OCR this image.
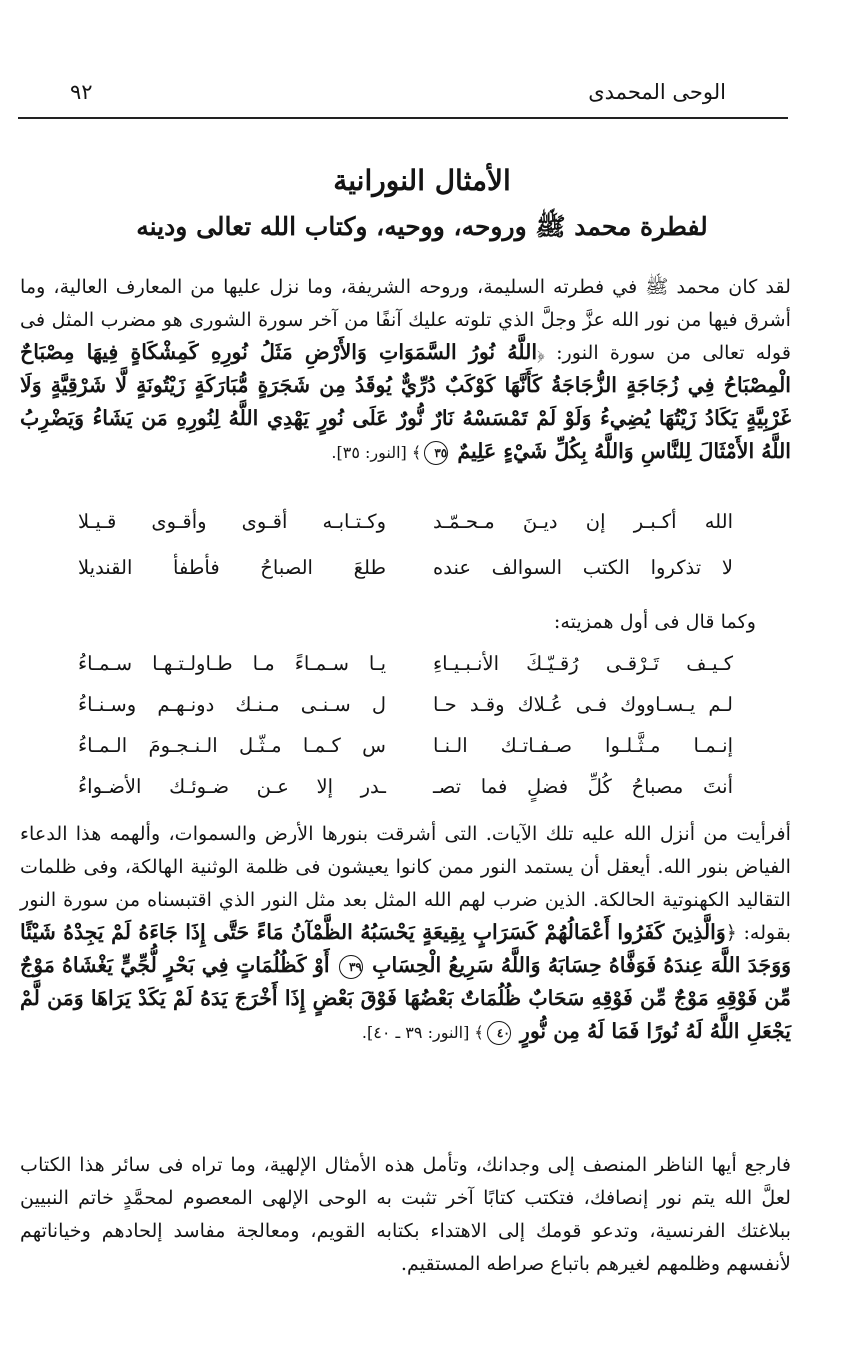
الوحى المحمدى
٩٢
الأمثال النورانية
لفطرة محمد ﷺ وروحه، ووحيه، وكتاب الله تعالى ودينه
لقد كان محمد ﷺ في فطرته السليمة، وروحه الشريفة، وما نزل عليها من المعارف العالية، وما أشرق فيها من نور الله عزَّ وجلَّ الذي تلوته عليك آنفًا من آخر سورة الشورى هو مضرب المثل فى قوله تعالى من سورة النور: ﴿اللَّهُ نُورُ السَّمَوَاتِ وَالأَرْضِ مَثَلُ نُورِهِ كَمِشْكَاةٍ فِيهَا مِصْبَاحٌ الْمِصْبَاحُ فِي زُجَاجَةٍ الزُّجَاجَةُ كَأَنَّهَا كَوْكَبٌ دُرِّيٌّ يُوقَدُ مِن شَجَرَةٍ مُّبَارَكَةٍ زَيْتُونَةٍ لَّا شَرْقِيَّةٍ وَلَا غَرْبِيَّةٍ يَكَادُ زَيْتُهَا يُضِيءُ وَلَوْ لَمْ تَمْسَسْهُ نَارٌ نُّورٌ عَلَى نُورٍ يَهْدِي اللَّهُ لِنُورِهِ مَن يَشَاءُ وَيَضْرِبُ اللَّهُ الأَمْثَالَ لِلنَّاسِ وَاللَّهُ بِكُلِّ شَيْءٍ عَلِيمٌ ٣٥﴾ [النور: ٣٥].
الله أكـبـر إن ديـنَ مـحـمّـد
وكـتـابـه أقـوى وأقـوى قـيـلا
لا تذكروا الكتب السوالف عنده
طلعَ الصباحُ فأطفأ القنديلا
وكما قال فى أول همزيته:
كـيـف تَـرْقـى رُقـيّـكَ الأنـبـيـاءِ
يـا سـمـاءً مـا طـاولـتـهـا سـمـاءُ
لـم يـسـاووك فـى عُـلاك وقـد حـا
ل سـنـى مـنـك دونـهـم وسـنـاءُ
إنـمـا مـثَّـلـوا صـفـاتـك الـنـا
س كـمـا مـثّـل الـنـجـومَ الـمـاءُ
أنتَ مصباحُ كُلِّ فضلٍ فما تصـ
ـدر إلا عـن ضـوئـك الأضـواءُ
أفرأيت من أنزل الله عليه تلك الآيات. التى أشرقت بنورها الأرض والسموات، وألهمه هذا الدعاء الفياض بنور الله. أيعقل أن يستمد النور ممن كانوا يعيشون فى ظلمة الوثنية الهالكة، وفى ظلمات التقاليد الكهنوتية الحالكة. الذين ضرب لهم الله المثل بعد مثل النور الذي اقتبسناه من سورة النور بقوله: ﴿وَالَّذِينَ كَفَرُوا أَعْمَالُهُمْ كَسَرَابٍ بِقِيعَةٍ يَحْسَبُهُ الظَّمْآنُ مَاءً حَتَّى إِذَا جَاءَهُ لَمْ يَجِدْهُ شَيْئًا وَوَجَدَ اللَّهَ عِندَهُ فَوَفَّاهُ حِسَابَهُ وَاللَّهُ سَرِيعُ الْحِسَابِ ٣٩ أَوْ كَظُلُمَاتٍ فِي بَحْرٍ لُّجِّيٍّ يَغْشَاهُ مَوْجٌ مِّن فَوْقِهِ مَوْجٌ مِّن فَوْقِهِ سَحَابٌ ظُلُمَاتٌ بَعْضُهَا فَوْقَ بَعْضٍ إِذَا أَخْرَجَ يَدَهُ لَمْ يَكَدْ يَرَاهَا وَمَن لَّمْ يَجْعَلِ اللَّهُ لَهُ نُورًا فَمَا لَهُ مِن نُّورٍ ٤٠﴾ [النور: ٣٩ ـ ٤٠].
فارجع أيها الناظر المنصف إلى وجدانك، وتأمل هذه الأمثال الإلهية، وما تراه فى سائر هذا الكتاب لعلَّ الله يتم نور إنصافك، فتكتب كتابًا آخر تثبت به الوحى الإلهى المعصوم لمحمَّدٍ خاتم النبيين ببلاغتك الفرنسية، وتدعو قومك إلى الاهتداء بكتابه القويم، ومعالجة مفاسد إلحادهم وخياناتهم لأنفسهم وظلمهم لغيرهم باتباع صراطه المستقيم.
